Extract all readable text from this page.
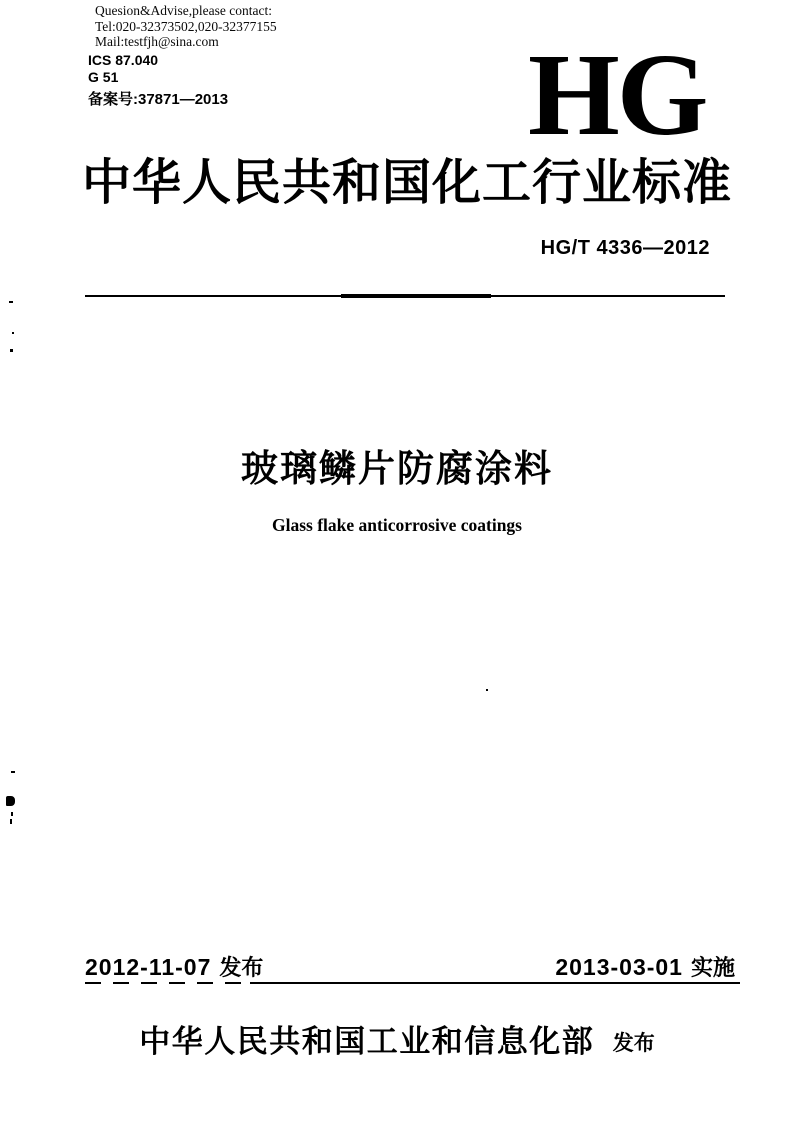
Quesion&Advise,please contact:
Tel:020-32373502,020-32377155
Mail:testfjh@sina.com
ICS 87.040
G 51
备案号:37871—2013	HG
中华人民共和国化工行业标准
HG/T 4336—2012
玻璃鳞片防腐涂料
Glass flake anticorrosive coatings
2012-11-07 发布	2013-03-01 实施
中华人民共和国工业和信息化部 发布
